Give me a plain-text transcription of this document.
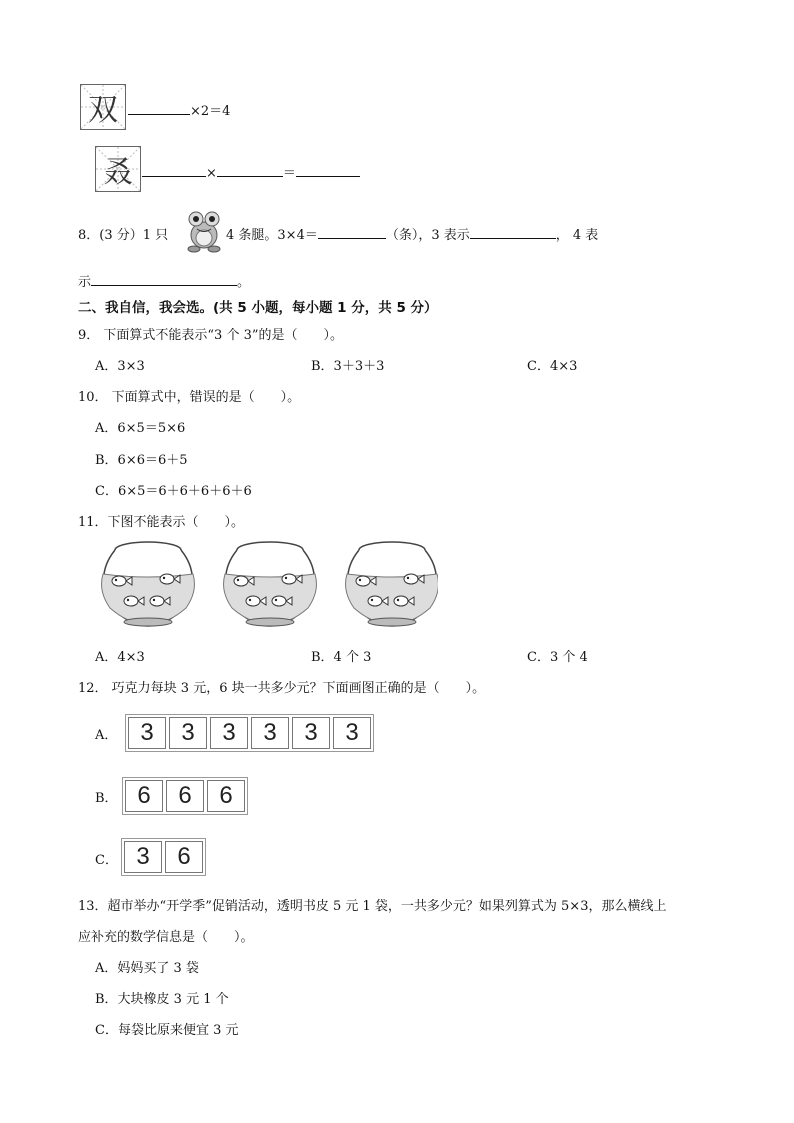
双	×2＝4
叒	×	＝
8．(3 分）1 只	4 条腿。3×4＝	（条），3 表示	， 4 表
示	。
二、我自信，我会选。(共 5 小题，每小题 1 分，共 5 分）
9． 下面算式不能表示“3 个 3”的是（　　）。
A．3×3	B．3＋3＋3	C．4×3
10． 下面算式中，错误的是（　　）。
A．6×5＝5×6
B．6×6＝6＋5
C．6×5＝6＋6＋6＋6＋6
11．下图不能表示（　　）。
A．4×3	B．4 个 3	C．3 个 4
12． 巧克力每块 3 元，6 块一共多少元？下面画图正确的是（　　）。
A． 3	3	3	3	3	3
B． 6	6	6
C． 3	6
13．超市举办“开学季”促销活动，透明书皮 5 元 1 袋，一共多少元？如果列算式为 5×3，那么横线上
应补充的数学信息是（　　）。
A．妈妈买了 3 袋
B．大块橡皮 3 元 1 个
C．每袋比原来便宜 3 元
